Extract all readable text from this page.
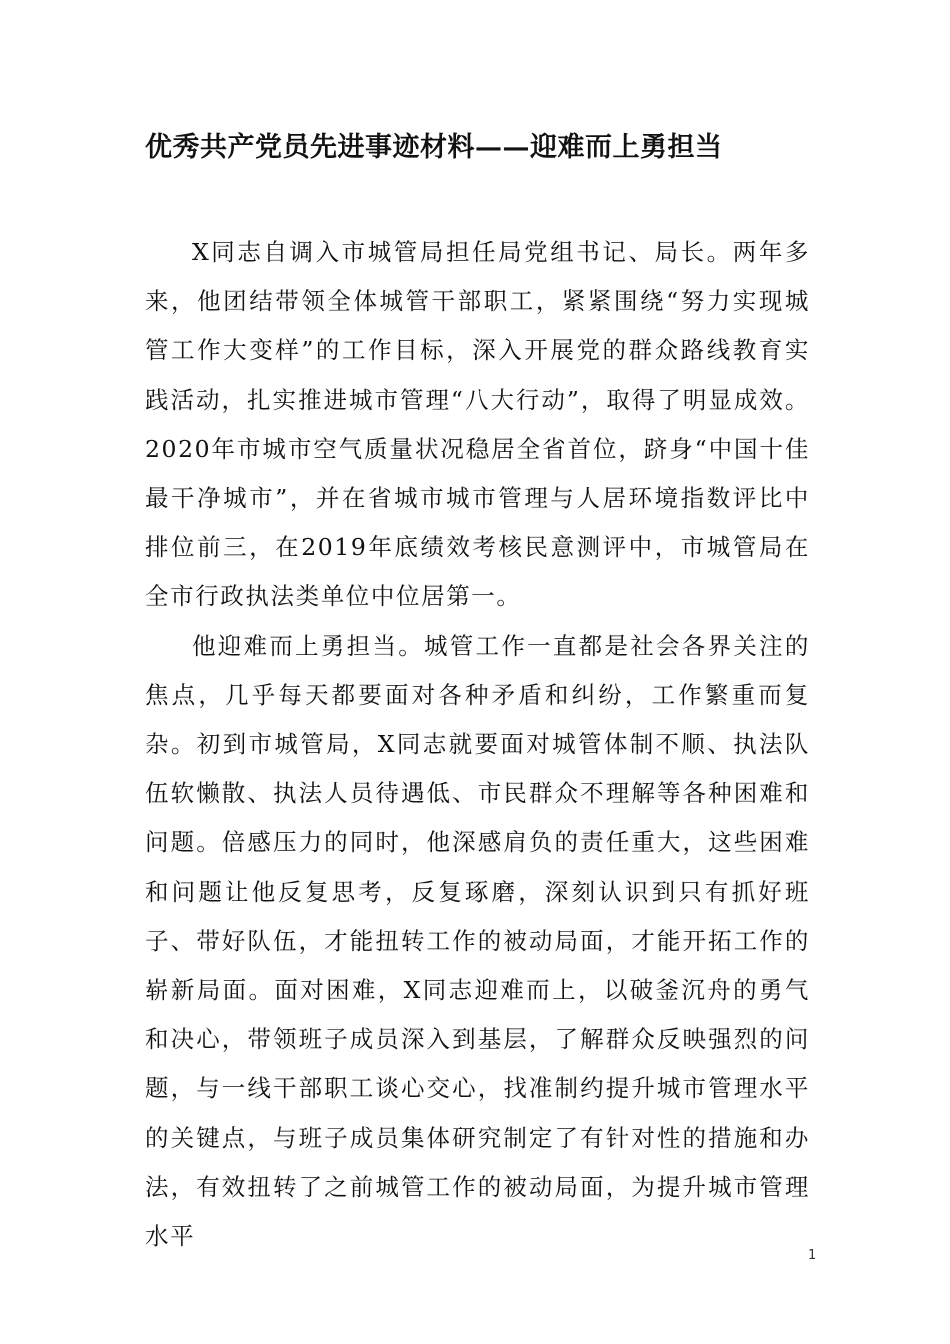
优秀共产党员先进事迹材料——迎难而上勇担当

X同志自调入市城管局担任局党组书记、局长。两年多来，他团结带领全体城管干部职工，紧紧围绕“努力实现城管工作大变样”的工作目标，深入开展党的群众路线教育实践活动，扎实推进城市管理“八大行动”，取得了明显成效。2020年市城市空气质量状况稳居全省首位，跻身“中国十佳最干净城市”，并在省城市城市管理与人居环境指数评比中排位前三，在2019年底绩效考核民意测评中，市城管局在全市行政执法类单位中位居第一。

他迎难而上勇担当。城管工作一直都是社会各界关注的焦点，几乎每天都要面对各种矛盾和纠纷，工作繁重而复杂。初到市城管局，X同志就要面对城管体制不顺、执法队伍软懒散、执法人员待遇低、市民群众不理解等各种困难和问题。倍感压力的同时，他深感肩负的责任重大，这些困难和问题让他反复思考，反复琢磨，深刻认识到只有抓好班子、带好队伍，才能扭转工作的被动局面，才能开拓工作的崭新局面。面对困难，X同志迎难而上，以破釜沉舟的勇气和决心，带领班子成员深入到基层，了解群众反映强烈的问题，与一线干部职工谈心交心，找准制约提升城市管理水平的关键点，与班子成员集体研究制定了有针对性的措施和办法，有效扭转了之前城管工作的被动局面，为提升城市管理水平

1
